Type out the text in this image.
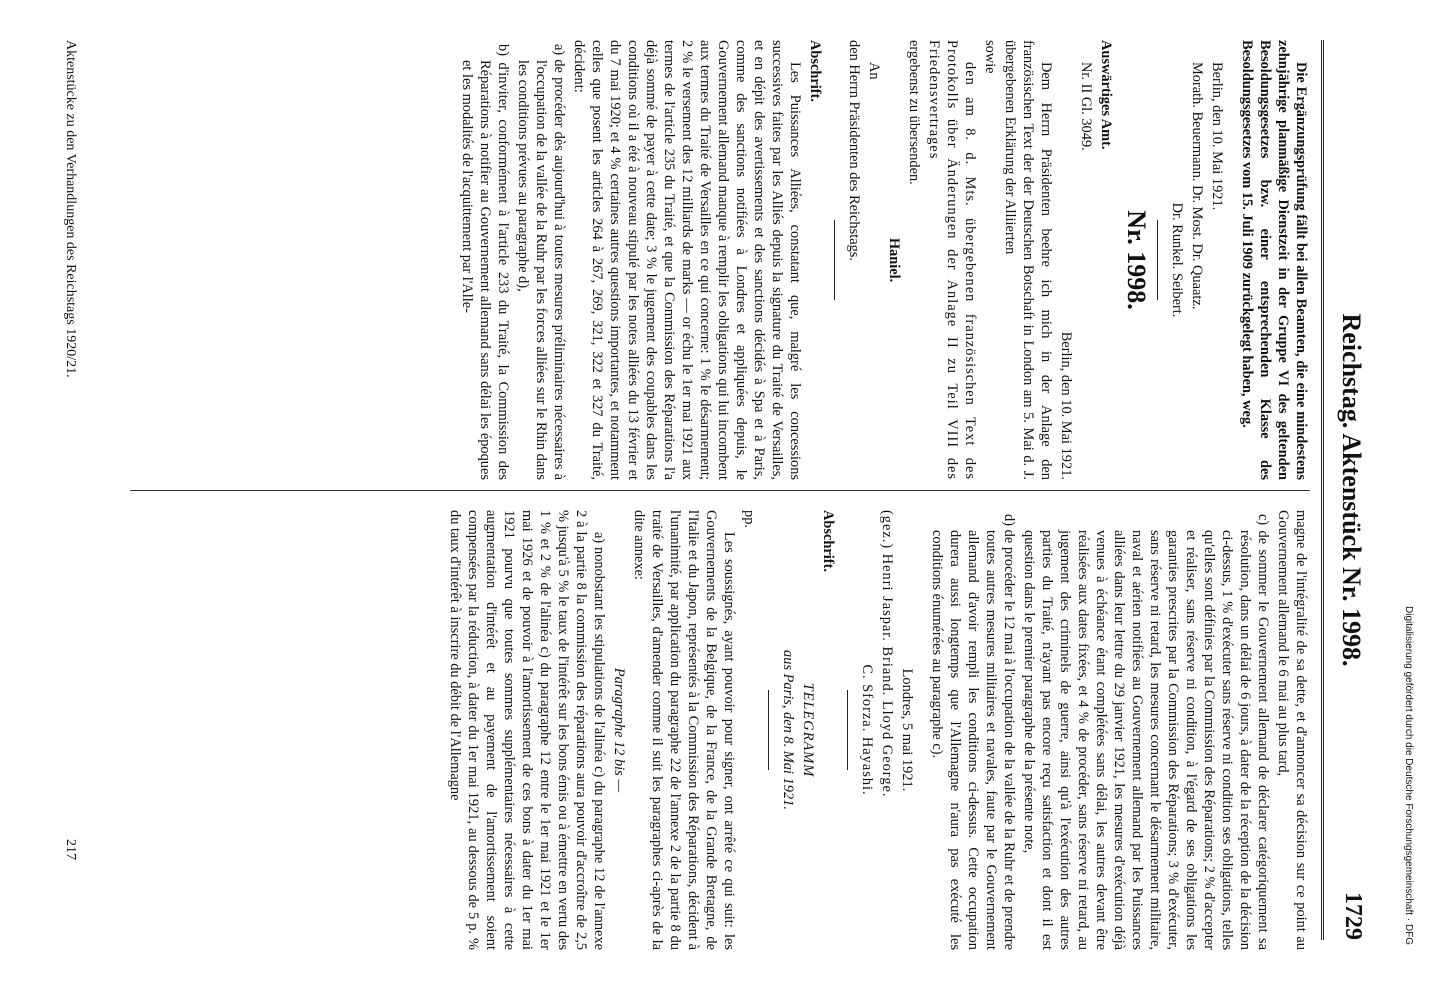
Reichstag. Aktenstück Nr. 1998.
1729

Die Ergänzungsprüfung fällt bei allen Beamten, die eine mindestens zehnjährige planmäßige Dienstzeit in der Gruppe VI des geltenden Besoldungsgesetzes bzw. einer entsprechenden Klasse des Besoldungsgesetzes vom 15. Juli 1909 zurückgelegt haben, weg.

Berlin, den 10. Mai 1921.

Morath. Beuermann. Dr. Most. Dr. Quaatz.

Dr. Runkel. Seibert.

Nr. 1998.

Auswärtiges Amt.

Nr. II Gl. 3049.

Berlin, den 10. Mai 1921.

Dem Herrn Präsidenten beehre ich mich in der Anlage den französischen Text der der Deutschen Botschaft in London am 5. Mai d. J. übergebenen Erklärung der Alliierten

sowie

den am 8. d. Mts. übergebenen französischen Text des Protokolls über Änderungen der Anlage II zu Teil VIII des Friedensvertrages

ergebenst zu übersenden.

Haniel.

An

den Herrn Präsidenten des Reichstags.

Abschrift.

Les Puissances Alliées, constatant que, malgré les concessions successives faites par les Alliés depuis la signature du Traité de Versailles, et en dépit des avertissements et des sanctions décidés à Spa et à Paris, comme des sanctions notifiées à Londres et appliquées depuis, le Gouvernement allemand manque à remplir les obligations qui lui incombent aux termes du Traité de Versailles en ce qui concerne: 1 % le désarmement; 2 % le versement des 12 milliards de marks — or échu le 1er mai 1921 aux termes de l'article 235 du Traité, et que la Commission des Réparations l'a déjà sommé de payer à cette date; 3 % le jugement des coupables dans les conditions où il a été à nouveau stipulé par les notes alliées du 13 février et du 7 mai 1920; et 4 % certaines autres questions importantes, et notamment celles que posent les articles 264 à 267, 269, 321, 322 et 327 du Traité, décident:

a) de procéder dès aujourd'hui à toutes mesures préliminaires nécessaires à l'occupation de la vallée de la Ruhr par les forces alliées sur le Rhin dans les conditions prévues au paragraphe d),

b) d'inviter, conformément à l'article 233 du Traité, la Commission des Réparations à notifier au Gouvernement allemand sans délai les époques et les modalités de l'acquittement par l'Alle-

magne de l'intégralité de sa dette, et d'annoncer sa décision sur ce point au Gouvernement allemand le 6 mai au plus tard,

c) de sommer le Gouvernement allemand de déclarer catégoriquement sa résolution, dans un délai de 6 jours, à dater de la réception de la décision ci-dessus, 1 % d'exécuter sans réserve ni condition ses obligations, telles qu'elles sont définies par la Commission des Réparations; 2 % d'accepter et réaliser, sans réserve ni condition, à l'égard de ses obligations les garanties prescrites par la Commission des Réparations; 3 % d'exécuter, sans réserve ni retard, les mesures concernant le désarmement militaire, naval et aérien notifiées au Gouvernement allemand par les Puissances alliées dans leur lettre du 29 janvier 1921, les mesures d'exécution déjà venues à échéance étant complétées sans délai, les autres devant être réalisées aux dates fixées, et 4 % de procéder, sans réserve ni retard, au jugement des criminels de guerre, ainsi qu'à l'exécution des autres parties du Traité, n'ayant pas encore reçu satisfaction et dont il est question dans le premier paragraphe de la présente note,

d) de procéder le 12 mai à l'occupation de la vallée de la Ruhr et de prendre toutes autres mesures militaires et navales, faute par le Gouvernement allemand d'avoir rempli les conditions ci-dessus. Cette occupation durera aussi longtemps que l'Allemagne n'aura pas exécuté les conditions énumérées au paragraphe c).

Londres, 5 mai 1921.

(gez.) Henri Jaspar. Briand. Lloyd George.

C. Sforza. Hayashi.

Abschrift.

TELEGRAMM

aus Paris, den 8. Mai 1921.

pp.

Les soussignés, ayant pouvoir pour signer, ont arrêté ce qui suit: les Gouvernements de la Belgique, de la France, de la Grande Bretagne, de l'Italie et du Japon, représentés à la Commission des Réparations, décident à l'unanimité, par application du paragraphe 22 de l'annexe 2 de la partie 8 du traité de Versailles, d'amender comme il suit les paragraphes ci-après de la dite annexe:

Paragraphe 12 bis —

a) nonobstant les stipulations de l'alinéa c) du paragraphe 12 de l'annexe 2 à la partie 8 la commission des réparations aura pouvoir d'accroître de 2,5 % jusqu'à 5 % le taux de l'intérêt sur les bons émis ou à émettre en vertu des 1 % et 2 % de l'alinéa c) du paragraphe 12 entre le 1er mai 1921 et le 1er mai 1926 et de pouvoir à l'amortissement de ces bons à dater du 1er mai 1921 pourvu que toutes sommes supplémentaires nécessaires à cette augmentation d'intérêt et au payement de l'amortissement soient compensées par la réduction, à dater du 1er mai 1921, au dessous de 5 p. % du taux d'intérêt à inscrire du débit de l'Allemagne

Aktenstücke zu den Verhandlungen des Reichstags 1920/21.
217	Digitalisierung gefördert durch die Deutsche Forschungsgemeinschaft · DFG
